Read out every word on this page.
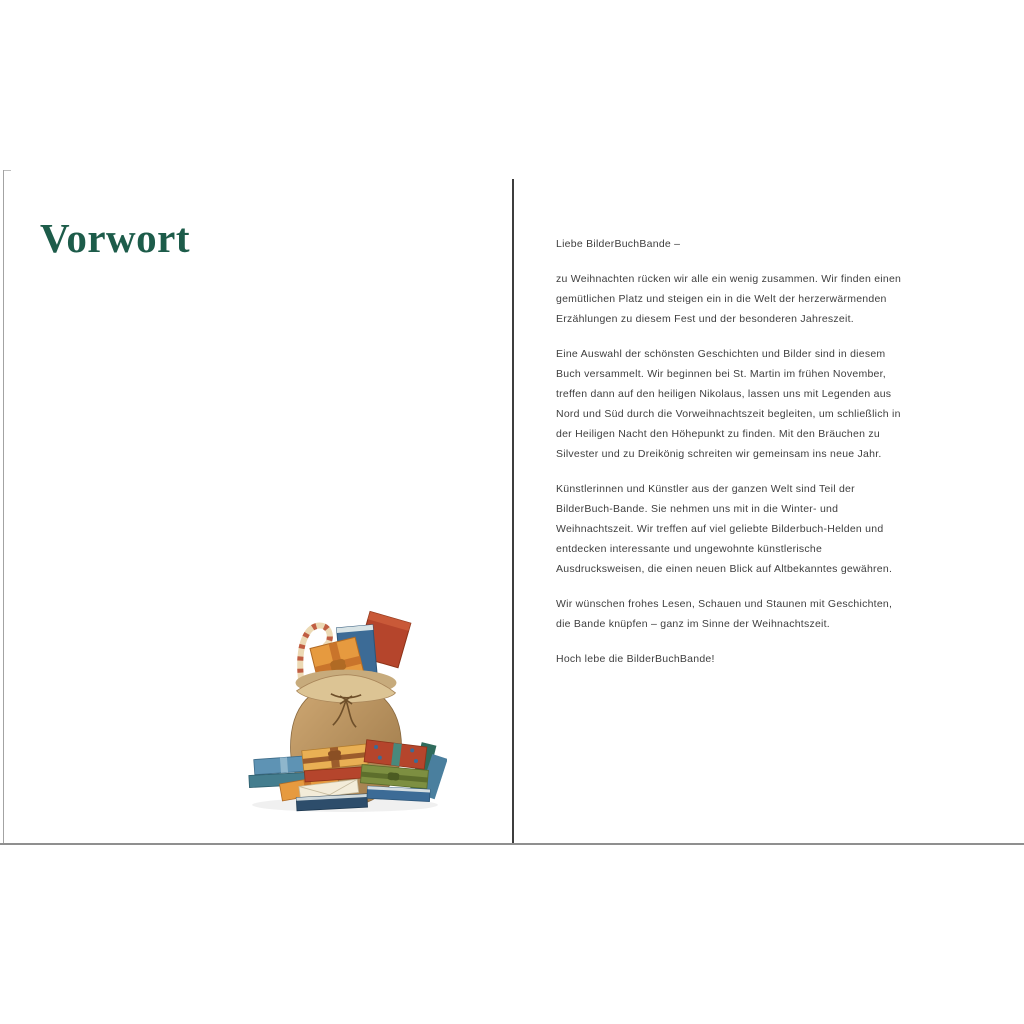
Vorwort	Liebe BilderBuchBande –

zu Weihnachten rücken wir alle ein wenig zusammen. Wir finden einen gemütlichen Platz und steigen ein in die Welt der herzerwärmenden Erzählungen zu diesem Fest und der besonderen Jahreszeit.

Eine Auswahl der schönsten Geschichten und Bilder sind in diesem Buch versammelt. Wir beginnen bei St. Martin im frühen November, treffen dann auf den heiligen Nikolaus, lassen uns mit Legenden aus Nord und Süd durch die Vorweihnachtszeit begleiten, um schließlich in der Heiligen Nacht den Höhepunkt zu finden. Mit den Bräuchen zu Silvester und zu Dreikönig schreiten wir gemeinsam ins neue Jahr.

Künstlerinnen und Künstler aus der ganzen Welt sind Teil der BilderBuch-Bande. Sie nehmen uns mit in die Winter- und Weihnachtszeit. Wir treffen auf viel geliebte Bilderbuch-Helden und entdecken interessante und ungewohnte künstlerische Ausdrucksweisen, die einen neuen Blick auf Altbekanntes gewähren.

Wir wünschen frohes Lesen, Schauen und Staunen mit Geschichten, die Bande knüpfen – ganz im Sinne der Weihnachtszeit.

Hoch lebe die BilderBuchBande!
